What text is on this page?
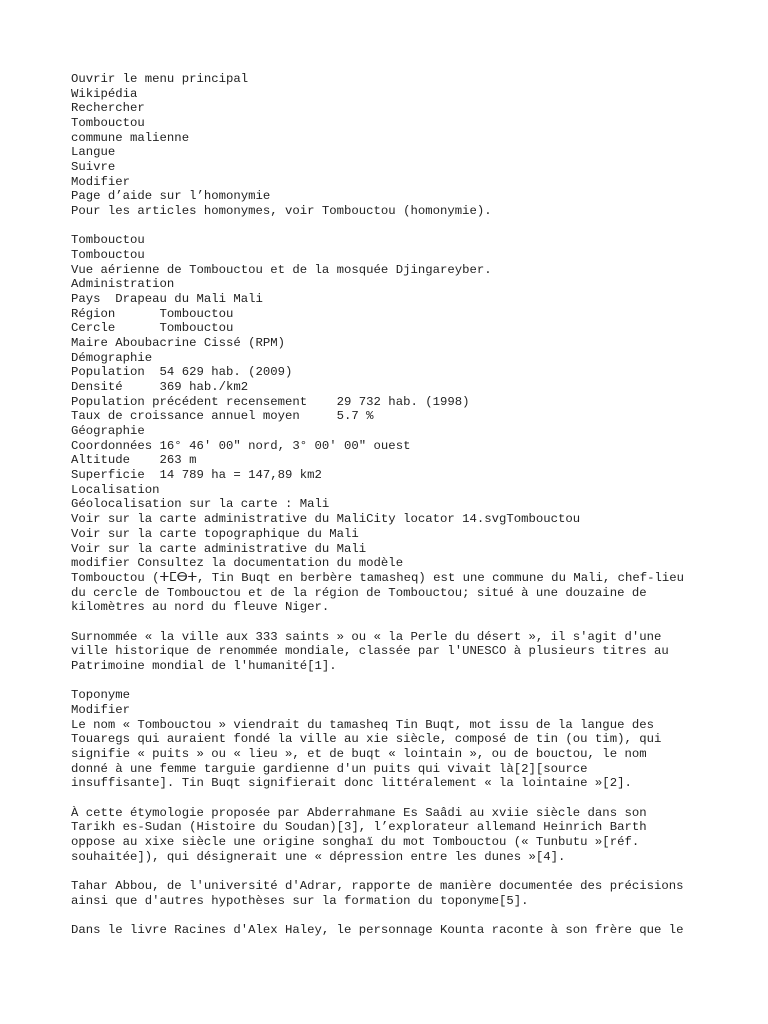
Ouvrir le menu principal
Wikipédia
Rechercher
Tombouctou
commune malienne
Langue
Suivre
Modifier
Page d’aide sur l’homonymie
Pour les articles homonymes, voir Tombouctou (homonymie).
Tombouctou
Tombouctou
Vue aérienne de Tombouctou et de la mosquée Djingareyber.
Administration
Pays  Drapeau du Mali Mali
Région      Tombouctou
Cercle      Tombouctou
Maire Aboubacrine Cissé (RPM)
Démographie
Population  54 629 hab. (2009)
Densité     369 hab./km2
Population précédent recensement    29 732 hab. (1998)
Taux de croissance annuel moyen     5.7 %
Géographie
Coordonnées 16° 46' 00" nord, 3° 00' 00" ouest
Altitude    263 m
Superficie  14 789 ha = 147,89 km2
Localisation
Géolocalisation sur la carte : Mali
Voir sur la carte administrative du MaliCity locator 14.svgTombouctou
Voir sur la carte topographique du Mali
Voir sur la carte administrative du Mali
modifier Consultez la documentation du modèle
Tombouctou (ⵜⵎⴱⵜ, Tin Buqt en berbère tamasheq) est une commune du Mali, chef-lieu
du cercle de Tombouctou et de la région de Tombouctou; situé à une douzaine de
kilomètres au nord du fleuve Niger.
Surnommée « la ville aux 333 saints » ou « la Perle du désert », il s'agit d'une
ville historique de renommée mondiale, classée par l'UNESCO à plusieurs titres au
Patrimoine mondial de l'humanité[1].
Toponyme
Modifier
Le nom « Tombouctou » viendrait du tamasheq Tin Buqt, mot issu de la langue des
Touaregs qui auraient fondé la ville au xie siècle, composé de tin (ou tim), qui
signifie « puits » ou « lieu », et de buqt « lointain », ou de bouctou, le nom
donné à une femme targuie gardienne d'un puits qui vivait là[2][source
insuffisante]. Tin Buqt signifierait donc littéralement « la lointaine »[2].
À cette étymologie proposée par Abderrahmane Es Saâdi au xviie siècle dans son
Tarikh es-Sudan (Histoire du Soudan)[3], l’explorateur allemand Heinrich Barth
oppose au xixe siècle une origine songhaï du mot Tombouctou (« Tunbutu »[réf.
souhaitée]), qui désignerait une « dépression entre les dunes »[4].
Tahar Abbou, de l'université d'Adrar, rapporte de manière documentée des précisions
ainsi que d'autres hypothèses sur la formation du toponyme[5].
Dans le livre Racines d'Alex Haley, le personnage Kounta raconte à son frère que le
